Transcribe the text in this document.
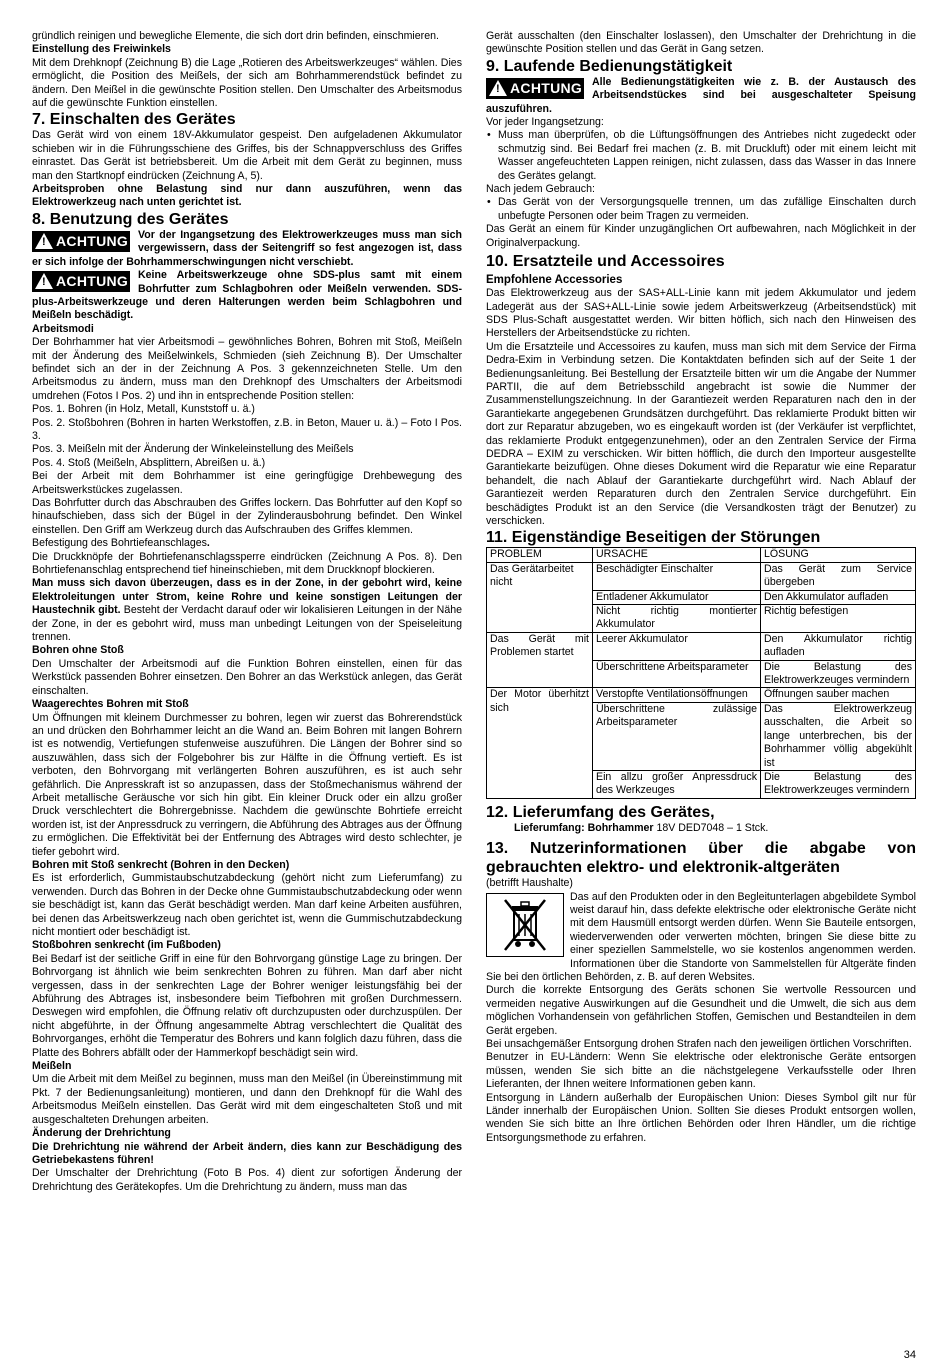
gründlich reinigen und bewegliche Elemente, die sich dort drin befinden, einschmieren.

Einstellung des Freiwinkels

Mit dem Drehknopf (Zeichnung B) die Lage „Rotieren des Arbeitswerkzeuges“ wählen. Dies ermöglicht, die Position des Meißels, der sich am Bohrhammerendstück befindet zu ändern. Den Meißel in die gewünschte Position stellen. Den Umschalter des Arbeitsmodus auf die gewünschte Funktion einstellen.

7. Einschalten des Gerätes

Das Gerät wird von einem 18V-Akkumulator gespeist. Den aufgeladenen Akkumulator schieben wir in die Führungsschiene des Griffes, bis der Schnappverschluss des Griffes einrastet. Das Gerät ist betriebsbereit. Um die Arbeit mit dem Gerät zu beginnen, muss man den Startknopf eindrücken (Zeichnung A, 5).

Arbeitsproben ohne Belastung sind nur dann auszuführen, wenn das Elektrowerkzeug nach unten gerichtet ist.

8. Benutzung des Gerätes
! ACHTUNG Vor der Ingangsetzung des Elektrowerkzeuges muss man sich vergewissern, dass der Seitengriff so fest angezogen ist, dass er sich infolge der Bohrhammerschwingungen nicht verschiebt.

! ACHTUNG Keine Arbeitswerkzeuge ohne SDS-plus samt mit einem Bohrfutter zum Schlagbohren oder Meißeln verwenden. SDS-plus-Arbeitswerkzeuge und deren Halterungen werden beim Schlagbohren und Meißeln beschädigt.

Arbeitsmodi

Der Bohrhammer hat vier Arbeitsmodi – gewöhnliches Bohren, Bohren mit Stoß, Meißeln mit der Änderung des Meißelwinkels, Schmieden (sieh Zeichnung B). Der Umschalter befindet sich an der in der Zeichnung A Pos. 3 gekennzeichneten Stelle. Um den Arbeitsmodus zu ändern, muss man den Drehknopf des Umschalters der Arbeitsmodi umdrehen (Fotos I Pos. 2) und ihn in entsprechende Position stellen:

Pos. 1. Bohren (in Holz, Metall, Kunststoff u. ä.)

Pos. 2. Stoßbohren (Bohren in harten Werkstoffen, z.B. in Beton, Mauer u. ä.) – Foto I Pos. 3.

Pos. 3. Meißeln mit der Änderung der Winkeleinstellung des Meißels

Pos. 4. Stoß (Meißeln, Absplittern, Abreißen u. ä.)

Bei der Arbeit mit dem Bohrhammer ist eine geringfügige Drehbewegung des Arbeitswerkstückes zugelassen.

Das Bohrfutter durch das Abschrauben des Griffes lockern. Das Bohrfutter auf den Kopf so hinaufschieben, dass sich der Bügel in der Zylinderausbohrung befindet. Den Winkel einstellen. Den Griff am Werkzeug durch das Aufschrauben des Griffes klemmen.

Befestigung des Bohrtiefeanschlages.

Die Druckknöpfe der Bohrtiefenanschlagssperre eindrücken (Zeichnung A Pos. 8). Den Bohrtiefenanschlag entsprechend tief hineinschieben, mit dem Druckknopf blockieren.

Man muss sich davon überzeugen, dass es in der Zone, in der gebohrt wird, keine Elektroleitungen unter Strom, keine Rohre und keine sonstigen Leitungen der Haustechnik gibt. Besteht der Verdacht darauf oder wir lokalisieren Leitungen in der Nähe der Zone, in der es gebohrt wird, muss man unbedingt Leitungen von der Speiseleitung trennen.

Bohren ohne Stoß

Den Umschalter der Arbeitsmodi auf die Funktion Bohren einstellen, einen für das Werkstück passenden Bohrer einsetzen. Den Bohrer an das Werkstück anlegen, das Gerät einschalten.

Waagerechtes Bohren mit Stoß

Um Öffnungen mit kleinem Durchmesser zu bohren, legen wir zuerst das Bohrerendstück an und drücken den Bohrhammer leicht an die Wand an. Beim Bohren mit langen Bohrern ist es notwendig, Vertiefungen stufenweise auszuführen. Die Längen der Bohrer sind so auszuwählen, dass sich der Folgebohrer bis zur Hälfte in die Öffnung vertieft. Es ist verboten, den Bohrvorgang mit verlängerten Bohren auszuführen, es ist auch sehr gefährlich. Die Anpresskraft ist so anzupassen, dass der Stoßmechanismus während der Arbeit metallische Geräusche vor sich hin gibt. Ein kleiner Druck oder ein allzu großer Druck verschlechtert die Bohrergebnisse. Nachdem die gewünschte Bohrtiefe erreicht worden ist, ist der Anpressdruck zu verringern, die Abführung des Abtrages aus der Öffnung zu ermöglichen. Die Effektivität bei der Entfernung des Abtrages wird desto schlechter, je tiefer gebohrt wird.

Bohren mit Stoß senkrecht (Bohren in den Decken)

Es ist erforderlich, Gummistaubschutzabdeckung (gehört nicht zum Lieferumfang) zu verwenden. Durch das Bohren in der Decke ohne Gummistaubschutzabdeckung oder wenn sie beschädigt ist, kann das Gerät beschädigt werden. Man darf keine Arbeiten ausführen, bei denen das Arbeitswerkzeug nach oben gerichtet ist, wenn die Gummischutzabdeckung nicht montiert oder beschädigt ist.

Stoßbohren senkrecht (im Fußboden)

Bei Bedarf ist der seitliche Griff in eine für den Bohrvorgang günstige Lage zu bringen. Der Bohrvorgang ist ähnlich wie beim senkrechten Bohren zu führen. Man darf aber nicht vergessen, dass in der senkrechten Lage der Bohrer weniger leistungsfähig bei der Abführung des Abtrages ist, insbesondere beim Tiefbohren mit großen Durchmessern. Deswegen wird empfohlen, die Öffnung relativ oft durchzupusten oder durchzuspülen. Der nicht abgeführte, in der Öffnung angesammelte Abtrag verschlechtert die Qualität des Bohrvorganges, erhöht die Temperatur des Bohrers und kann folglich dazu führen, dass die Platte des Bohrers abfällt oder der Hammerkopf beschädigt sein wird.

Meißeln

Um die Arbeit mit dem Meißel zu beginnen, muss man den Meißel (in Übereinstimmung mit Pkt. 7 der Bedienungsanleitung) montieren, und dann den Drehknopf für die Wahl des Arbeitsmodus Meißeln einstellen. Das Gerät wird mit dem eingeschalteten Stoß und mit ausgeschalteten Drehungen arbeiten.

Änderung der Drehrichtung

Die Drehrichtung nie während der Arbeit ändern, dies kann zur Beschädigung des Getriebekastens führen!

Der Umschalter der Drehrichtung (Foto B Pos. 4) dient zur sofortigen Änderung der Drehrichtung des Gerätekopfes. Um die Drehrichtung zu ändern, muss man das

Gerät ausschalten (den Einschalter loslassen), den Umschalter der Drehrichtung in die gewünschte Position stellen und das Gerät in Gang setzen.

9. Laufende Bedienungstätigkeit
! ACHTUNG Alle Bedienungstätigkeiten wie z. B. der Austausch des Arbeitsendstückes sind bei ausgeschalteter Speisung auszuführen.

Vor jeder Ingangsetzung:

• Muss man überprüfen, ob die Lüftungsöffnungen des Antriebes nicht zugedeckt oder schmutzig sind. Bei Bedarf frei machen (z. B. mit Druckluft) oder mit einem leicht mit Wasser angefeuchteten Lappen reinigen, nicht zulassen, dass das Wasser in das Innere des Gerätes gelangt.

Nach jedem Gebrauch:

• Das Gerät von der Versorgungsquelle trennen, um das zufällige Einschalten durch unbefugte Personen oder beim Tragen zu vermeiden.

Das Gerät an einem für Kinder unzugänglichen Ort aufbewahren, nach Möglichkeit in der Originalverpackung.

10. Ersatzteile und Accessoires
Empfohlene Accessories

Das Elektrowerkzeug aus der SAS+ALL-Linie kann mit jedem Akkumulator und jedem Ladegerät aus der SAS+ALL-Linie sowie jedem Arbeitswerkzeug (Arbeitsendstück) mit SDS Plus-Schaft ausgestattet werden. Wir bitten höflich, sich nach den Hinweisen des Herstellers der Arbeitsendstücke zu richten.

Um die Ersatzteile und Accessoires zu kaufen, muss man sich mit dem Service der Firma Dedra-Exim in Verbindung setzen. Die Kontaktdaten befinden sich auf der Seite 1 der Bedienungsanleitung. Bei Bestellung der Ersatzteile bitten wir um die Angabe der Nummer PARTII, die auf dem Betriebsschild angebracht ist sowie die Nummer der Zusammenstellungszeichnung. In der Garantiezeit werden Reparaturen nach den in der Garantiekarte angegebenen Grundsätzen durchgeführt. Das reklamierte Produkt bitten wir dort zur Reparatur abzugeben, wo es eingekauft worden ist (der Verkäufer ist verpflichtet, das reklamierte Produkt entgegenzunehmen), oder an den Zentralen Service der Firma DEDRA – EXIM zu verschicken. Wir bitten höfflich, die durch den Importeur ausgestellte Garantiekarte beizufügen. Ohne dieses Dokument wird die Reparatur wie eine Reparatur behandelt, die nach Ablauf der Garantiekarte durchgeführt wird. Nach Ablauf der Garantiezeit werden Reparaturen durch den Zentralen Service durchgeführt. Ein beschädigtes Produkt ist an den Service (die Versandkosten trägt der Benutzer) zu verschicken.

11. Eigenständige Beseitigen der Störungen
PROBLEM	URSACHE	LÖSUNG
Das Gerätarbeitet nicht	Beschädigter Einschalter	Das Gerät zum Service übergeben
	Entladener Akkumulator	Den Akkumulator aufladen
	Nicht richtig montierter Akkumulator	Richtig befestigen
Das Gerät mit Problemen startet	Leerer Akkumulator	Den Akkumulator richtig aufladen
	Überschrittene Arbeitsparameter	Die Belastung des Elektrowerkzeuges vermindern
Der Motor überhitzt sich	Verstopfte Ventilationsöffnungen	Öffnungen sauber machen
	Überschrittene zulässige Arbeitsparameter	Das Elektrowerkzeug ausschalten, die Arbeit so lange unterbrechen, bis der Bohrhammer völlig abgekühlt ist
	Ein allzu großer Anpressdruck des Werkzeuges	Die Belastung des Elektrowerkzeuges vermindern
12. Lieferumfang des Gerätes,

Lieferumfang: Bohrhammer 18V DED7048 – 1 Stck.

13. Nutzerinformationen über die abgabe von gebrauchten elektro- und elektronik-altgeräten

(betrifft Haushalte)

Das auf den Produkten oder in den Begleitunterlagen abgebildete Symbol weist darauf hin, dass defekte elektrische oder elektronische Geräte nicht mit dem Hausmüll entsorgt werden dürfen. Wenn Sie Bauteile entsorgen, wiederverwenden oder verwerten möchten, bringen Sie diese bitte zu einer speziellen Sammelstelle, wo sie kostenlos angenommen werden. Informationen über die Standorte von Sammelstellen für Altgeräte finden Sie bei den örtlichen Behörden, z. B. auf deren Websites.

Durch die korrekte Entsorgung des Geräts schonen Sie wertvolle Ressourcen und vermeiden negative Auswirkungen auf die Gesundheit und die Umwelt, die sich aus dem möglichen Vorhandensein von gefährlichen Stoffen, Gemischen und Bestandteilen in dem Gerät ergeben.

Bei unsachgemäßer Entsorgung drohen Strafen nach den jeweiligen örtlichen Vorschriften.

Benutzer in EU-Ländern: Wenn Sie elektrische oder elektronische Geräte entsorgen müssen, wenden Sie sich bitte an die nächstgelegene Verkaufsstelle oder Ihren Lieferanten, der Ihnen weitere Informationen geben kann.

Entsorgung in Ländern außerhalb der Europäischen Union: Dieses Symbol gilt nur für Länder innerhalb der Europäischen Union. Sollten Sie dieses Produkt entsorgen wollen, wenden Sie sich bitte an Ihre örtlichen Behörden oder Ihren Händler, um die richtige Entsorgungsmethode zu erfahren.

34
